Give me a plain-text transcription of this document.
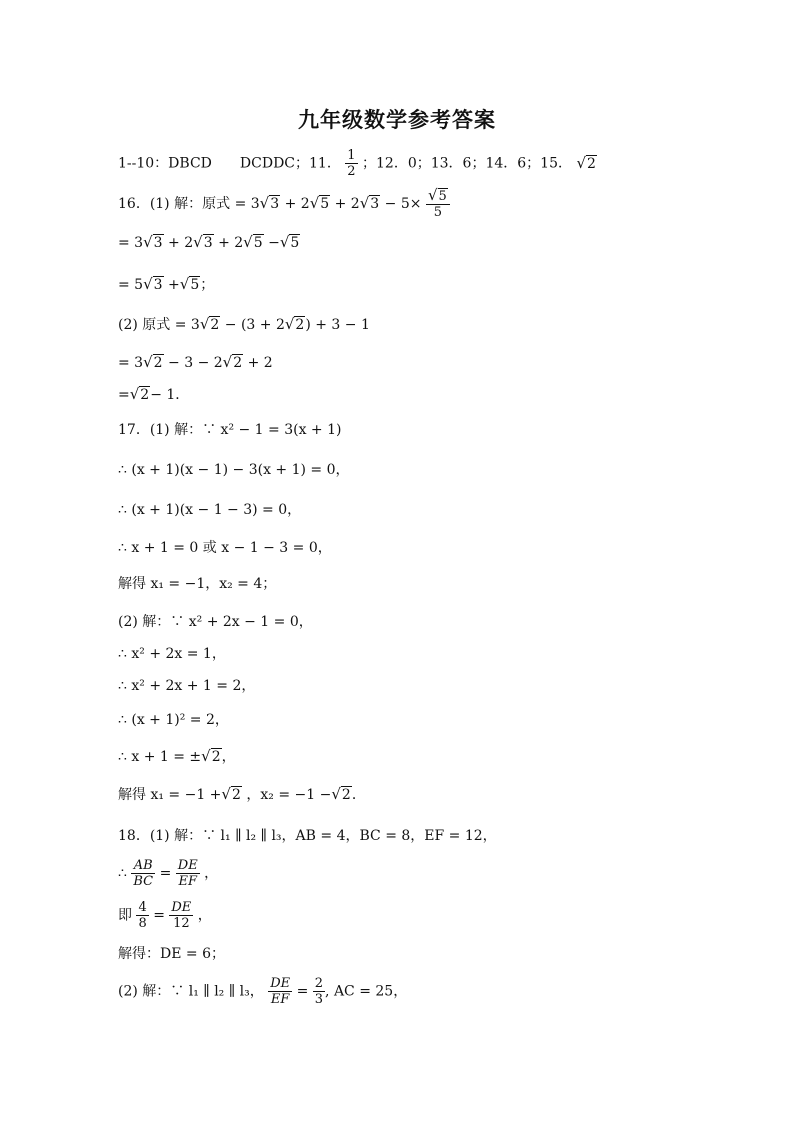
九年级数学参考答案
1--10：DBCD DCDDC；11． $\frac{1}{2}$ ；12．0；13．6；14．6；15． √2
16．(1) 解：原式 = $3√3 + 2√5 + 2√3 - 5\times \frac{√5}{5}$
= 3√3 + 2√3 + 2√5 −√5
= 5√3 +√5；
(2) 原式 = 3√2 − (3 + 2√2) + 3 − 1
= 3√2 − 3 − 2√2 + 2
=√2− 1．
17．(1) 解：∵ x² − 1 = 3(x + 1)
∴ (x + 1)(x − 1) − 3(x + 1) = 0，
∴ (x + 1)(x − 1 − 3) = 0，
∴ x + 1 = 0 或 x − 1 − 3 = 0，
解得 x₁ = −1，x₂ = 4；
(2) 解：∵ x² + 2x − 1 = 0，
∴ x² + 2x = 1，
∴ x² + 2x + 1 = 2，
∴ (x + 1)² = 2，
∴ x + 1 = ±√2，
解得 x₁ = −1 +√2 ，x₂ = −1 −√2．
18．(1) 解：∵ l₁ ∥ l₂ ∥ l₃，AB = 4，BC = 8，EF = 12，
∴ $\frac{AB}{BC} = \frac{DE}{EF}$ ，
即 $\frac{4}{8} = \frac{DE}{12}$ ，
解得：DE = 6；
(2) 解：∵ l₁ ∥ l₂ ∥ l₃， $\frac{DE}{EF} = \frac{2}{3}$ , AC = 25，
